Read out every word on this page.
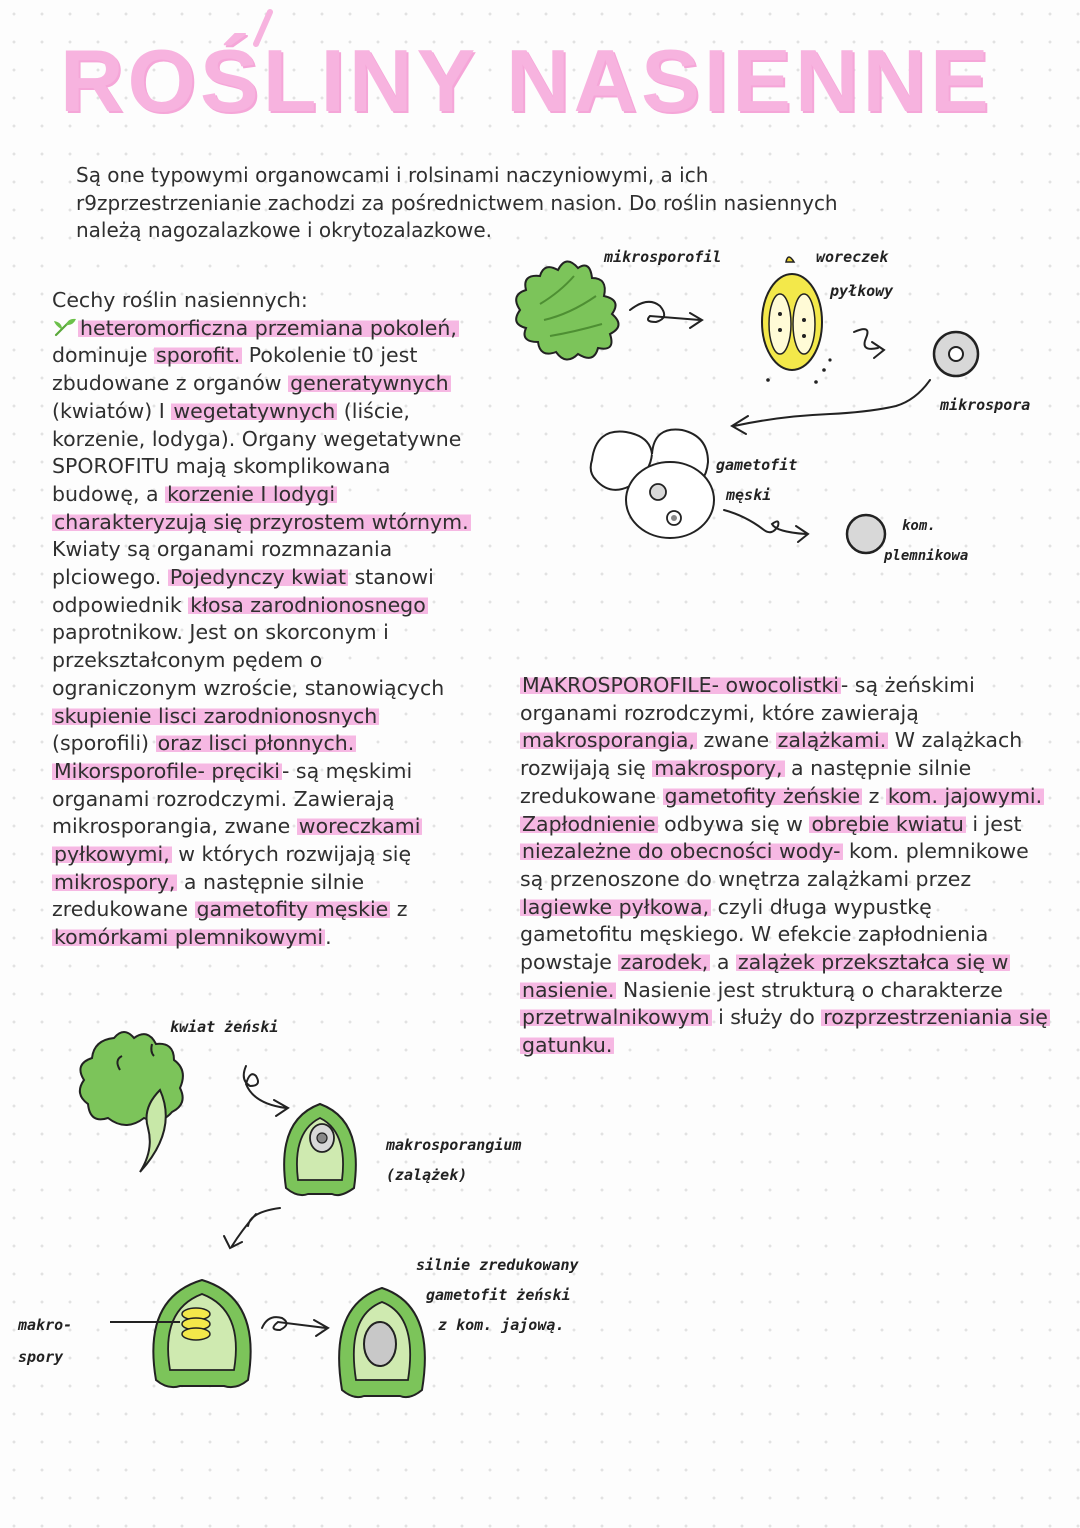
ROŚLINY NASIENNE

Są one typowymi organowcami i rolsinami naczyniowymi, a ich r9zprzestrzenianie zachodzi za pośrednictwem nasion. Do roślin nasiennych należą nagozalazkowe i okrytozalazkowe.

Cechy roślin nasiennych:
heteromorficzna przemiana pokoleń, dominuje sporofit. Pokolenie t0 jest zbudowane z organów generatywnych (kwiatów) I wegetatywnych (liście, korzenie, lodyga). Organy wegetatywne SPOROFITU mają skomplikowana budowę, a korzenie I lodygi charakteryzują się przyrostem wtórnym. Kwiaty są organami rozmnazania plciowego. Pojedynczy kwiat stanowi odpowiednik kłosa zarodnionosnego paprotnikow. Jest on skorconym i przekształconym pędem o ograniczonym wzroście, stanowiących skupienie lisci zarodnionosnych (sporofili) oraz lisci płonnych. Mikorsporofile- pręciki- są męskimi organami rozrodczymi. Zawierają mikrosporangia, zwane woreczkami pyłkowymi, w których rozwijają się mikrospory, a następnie silnie zredukowane gametofity męskie z komórkami plemnikowymi.
MAKROSPOROFILE- owocolistki- są żeńskimi organami rozrodczymi, które zawierają makrosporangia, zwane zalążkami. W zalążkach rozwijają się makrospory, a następnie silnie zredukowane gametofity żeńskie z kom. jajowymi. Zapłodnienie odbywa się w obrębie kwiatu i jest niezależne do obecności wody- kom. plemnikowe są przenoszone do wnętrza zalążkami przez lagiewke pyłkowa, czyli długa wypustkę gametofitu męskiego. W efekcie zapłodnienia powstaje zarodek, a zalążek przekształca się w nasienie. Nasienie jest strukturą o charakterze przetrwalnikowym i służy do rozprzestrzeniania się gatunku.
mikrosporofil	woreczek
pyłkowy
mikrospora
gametofit
męski
kom.
plemnikowa
kwiat żeński
makrosporangium
(zalążek)
makro-
spory
silnie zredukowany
gametofit żeński
z kom. jajową.
